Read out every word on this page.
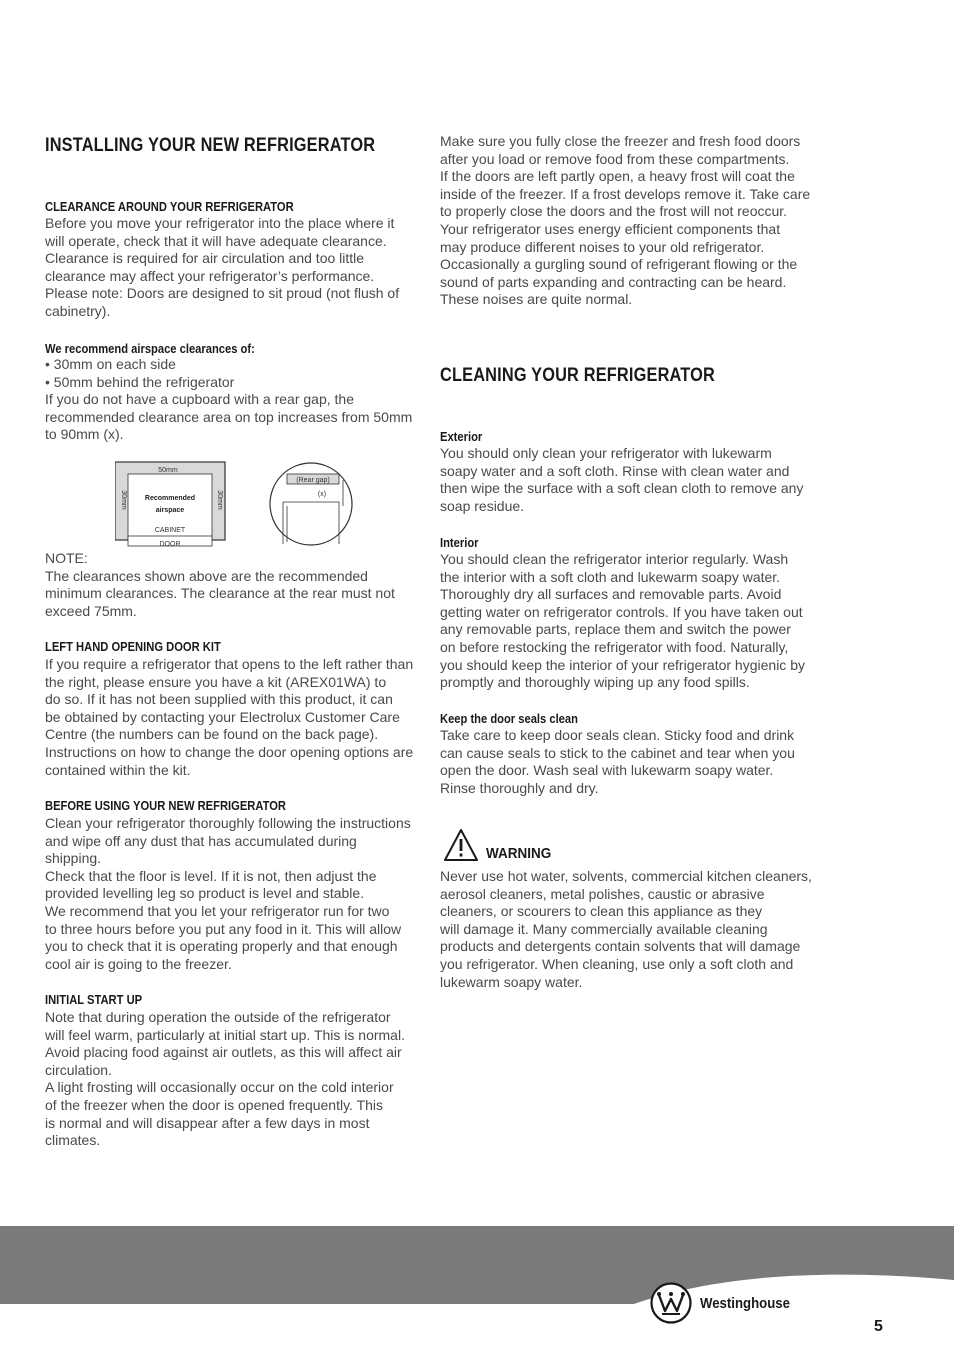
INSTALLING YOUR NEW REFRIGERATOR
CLEARANCE AROUND YOUR REFRIGERATOR
Before you move your refrigerator into the place where it
will operate, check that it will have adequate clearance.
Clearance is required for air circulation and too little
clearance may affect your refrigerator’s performance.
Please note: Doors are designed to sit proud (not flush of
cabinetry).
We recommend airspace clearances of:
• 30mm on each side
• 50mm behind the refrigerator
If you do not have a cupboard with a rear gap, the
recommended clearance area on top increases from 50mm
to 90mm (x).
NOTE:
The clearances shown above are the recommended
minimum clearances. The clearance at the rear must not
exceed 75mm.
LEFT HAND OPENING DOOR KIT
If you require a refrigerator that opens to the left rather than
the right, please ensure you have a kit (AREX01WA) to
do so. If it has not been supplied with this product, it can
be obtained by contacting your Electrolux Customer Care
Centre (the numbers can be found on the back page).
Instructions on how to change the door opening options are
contained within the kit.
BEFORE USING YOUR NEW REFRIGERATOR
Clean your refrigerator thoroughly following the instructions
and wipe off any dust that has accumulated during
shipping.
Check that the floor is level. If it is not, then adjust the
provided levelling leg so product is level and stable.
We recommend that you let your refrigerator run for two
to three hours before you put any food in it. This will allow
you to check that it is operating properly and that enough
cool air is going to the freezer.
INITIAL START UP
Note that during operation the outside of the refrigerator
will feel warm, particularly at initial start up. This is normal.
Avoid placing food against air outlets, as this will affect air
circulation.
A light frosting will occasionally occur on the cold interior
of the freezer when the door is opened frequently. This
is normal and will disappear after a few days in most
climates.
50mm
30mm	30mm
Recommended
airspace
CABINET
DOOR
(Rear gap)
(x)
Make sure you fully close the freezer and fresh food doors
after you load or remove food from these compartments.
If the doors are left partly open, a heavy frost will coat the
inside of the freezer. If a frost develops remove it. Take care
to properly close the doors and the frost will not reoccur.
Your refrigerator uses energy efficient components that
may produce different noises to your old refrigerator.
Occasionally a gurgling sound of refrigerant flowing or the
sound of parts expanding and contracting can be heard.
These noises are quite normal.
CLEANING YOUR REFRIGERATOR
Exterior
You should only clean your refrigerator with lukewarm
soapy water and a soft cloth. Rinse with clean water and
then wipe the surface with a soft clean cloth to remove any
soap residue.
Interior
You should clean the refrigerator interior regularly. Wash
the interior with a soft cloth and lukewarm soapy water.
Thoroughly dry all surfaces and removable parts. Avoid
getting water on refrigerator controls. If you have taken out
any removable parts, replace them and switch the power
on before restocking the refrigerator with food. Naturally,
you should keep the interior of your refrigerator hygienic by
promptly and thoroughly wiping up any food spills.
Keep the door seals clean
Take care to keep door seals clean. Sticky food and drink
can cause seals to stick to the cabinet and tear when you
open the door. Wash seal with lukewarm soapy water.
Rinse thoroughly and dry.
Never use hot water, solvents, commercial kitchen cleaners,
aerosol cleaners, metal polishes, caustic or abrasive
cleaners, or scourers to clean this appliance as they
will damage it. Many commercially available cleaning
products and detergents contain solvents that will damage
you refrigerator. When cleaning, use only a soft cloth and
lukewarm soapy water.
WARNING
Westinghouse
5
